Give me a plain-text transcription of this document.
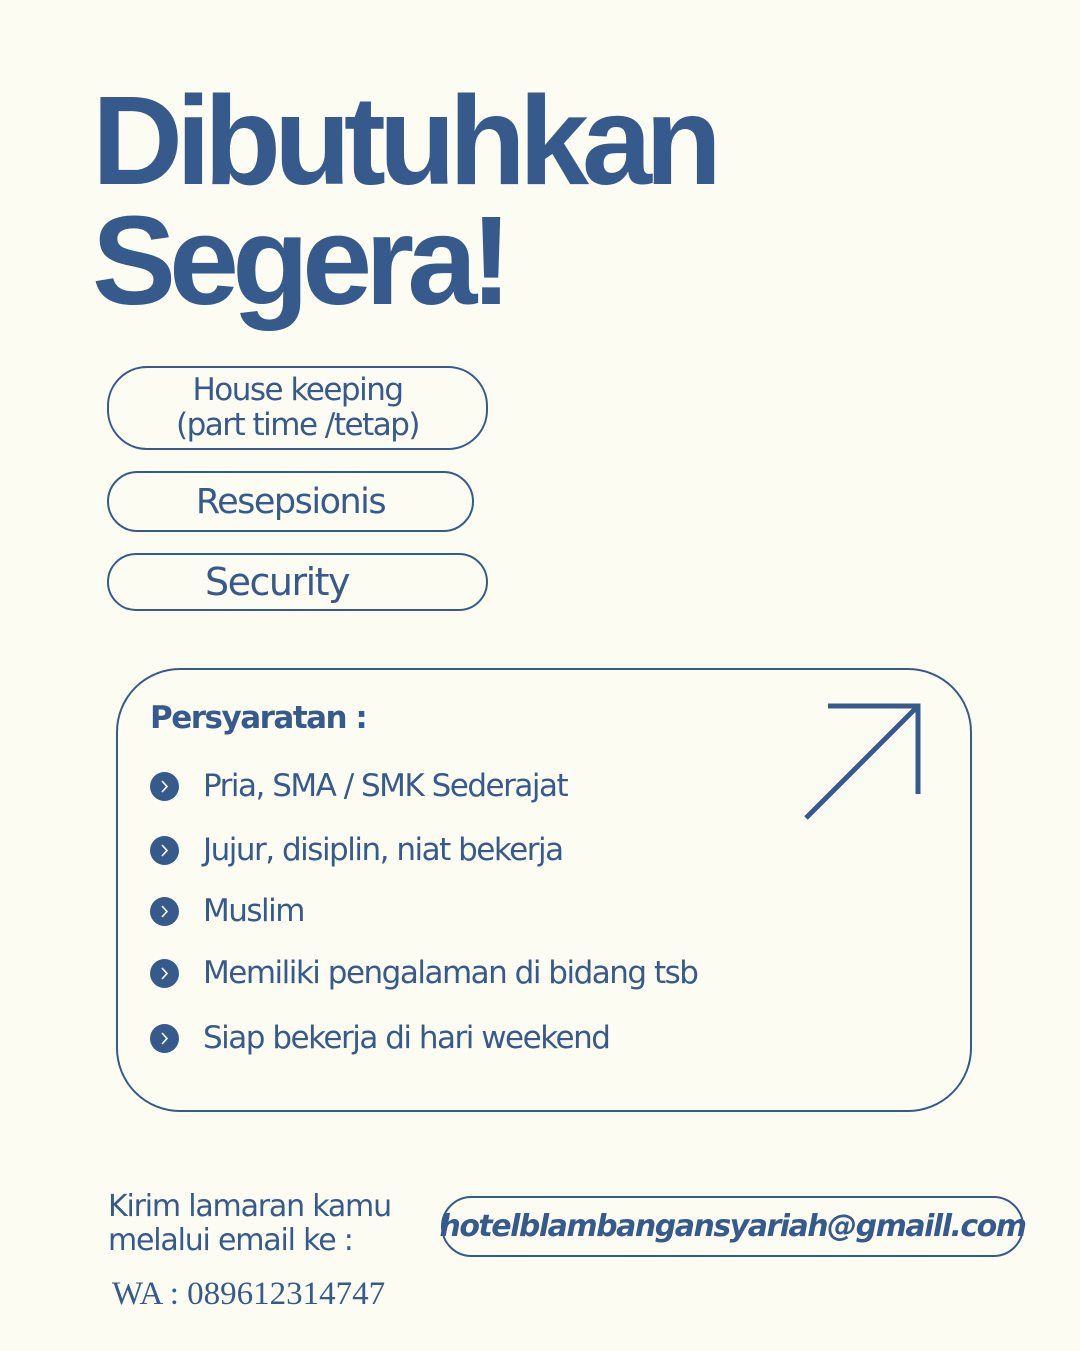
Dibutuhkan
Segera!
House keeping
(part time /tetap)
Resepsionis
Security
Persyaratan :
Pria, SMA / SMK Sederajat
Jujur, disiplin, niat bekerja
Muslim
Memiliki pengalaman di bidang tsb
Siap bekerja di hari weekend
Kirim lamaran kamu
melalui email ke :	hotelblambangansyariah@gmaill.com
WA : 089612314747
